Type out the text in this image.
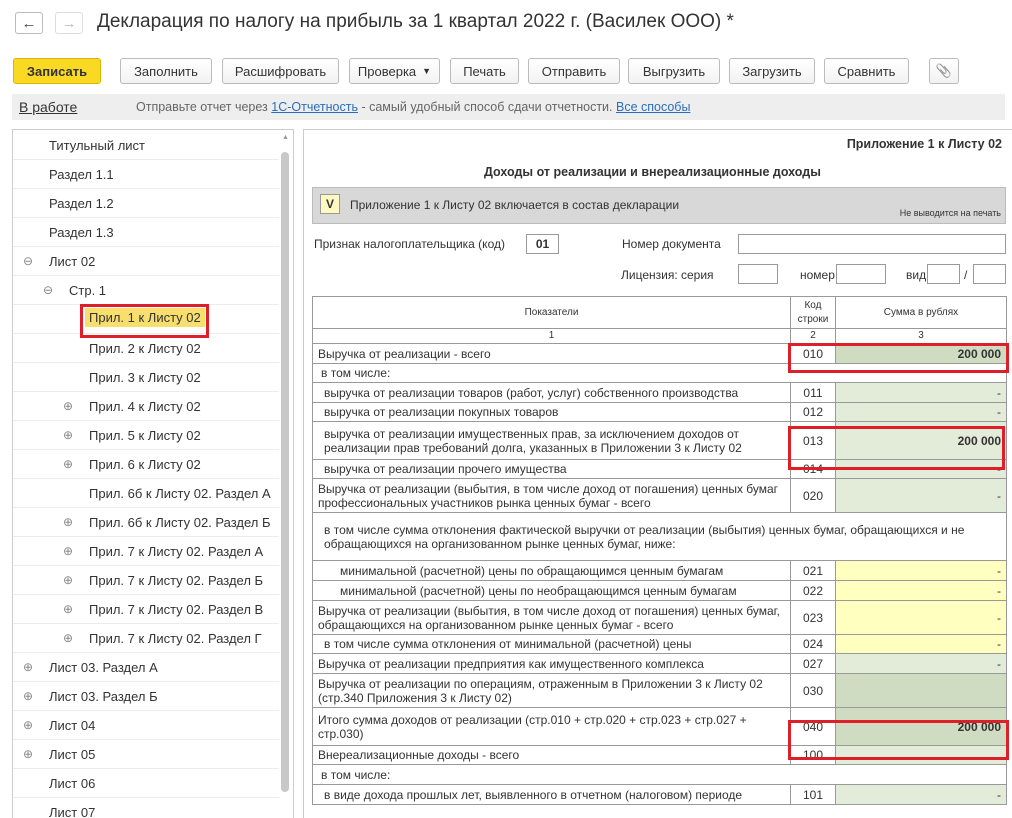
← → Декларация по налогу на прибыль за 1 квартал 2022 г. (Василек ООО) *
Записать	Заполнить	Расшифровать	Проверка ▼	Печать	Отправить	Выгрузить	Загрузить	Сравнить	📎
В работе	Отправьте отчет через 1С-Отчетность - самый удобный способ сдачи отчетности. Все способы
▲
Титульный лист
Раздел 1.1
Раздел 1.2
Раздел 1.3
⊖ Лист 02
⊖ Стр. 1
Прил. 1 к Листу 02
Прил. 2 к Листу 02
Прил. 3 к Листу 02
⊕ Прил. 4 к Листу 02
⊕ Прил. 5 к Листу 02
⊕ Прил. 6 к Листу 02
Прил. 6б к Листу 02. Раздел А
⊕ Прил. 6б к Листу 02. Раздел Б
⊕ Прил. 7 к Листу 02. Раздел А
⊕ Прил. 7 к Листу 02. Раздел Б
⊕ Прил. 7 к Листу 02. Раздел В
⊕ Прил. 7 к Листу 02. Раздел Г
⊕ Лист 03. Раздел А
⊕ Лист 03. Раздел Б
⊕ Лист 04
⊕ Лист 05
Лист 06
Лист 07
Приложение 1 к Листу 02
Доходы от реализации и внереализационные доходы
V	Приложение 1 к Листу 02 включается в состав декларации
Не выводится на печать
Признак налогоплательщика (код)	01	Номер документа
Лицензия: серия	номер	вид	/
Показатели	Код строки	Сумма в рублях
1	2	3
Выручка от реализации - всего	010	200 000
в том числе:		
выручка от реализации товаров (работ, услуг) собственного производства	011	-
выручка от реализации покупных товаров	012	-
выручка от реализации имущественных прав, за исключением доходов от реализации прав требований долга, указанных в Приложении 3 к Листу 02	013	200 000
выручка от реализации прочего имущества	014	-
Выручка от реализации (выбытия, в том числе доход от погашения) ценных бумаг профессиональных участников рынка ценных бумаг - всего	020	-
в том числе сумма отклонения фактической выручки от реализации (выбытия) ценных бумаг, обращающихся и не обращающихся на организованном рынке ценных бумаг, ниже:		
минимальной (расчетной) цены по обращающимся ценным бумагам	021	-
минимальной (расчетной) цены по необращающимся ценным бумагам	022	-
Выручка от реализации (выбытия, в том числе доход от погашения) ценных бумаг, обращающихся на организованном рынке ценных бумаг - всего	023	-
в том числе сумма отклонения от минимальной (расчетной) цены	024	-
Выручка от реализации предприятия как имущественного комплекса	027	-
Выручка от реализации по операциям, отраженным в Приложении 3 к Листу 02 (стр.340 Приложения 3 к Листу 02)	030	
Итого сумма доходов от реализации (стр.010 + стр.020 + стр.023 + стр.027 + стр.030)	040	200 000
Внереализационные доходы - всего	100	
в том числе:		
в виде дохода прошлых лет, выявленного в отчетном (налоговом) периоде	101	-
